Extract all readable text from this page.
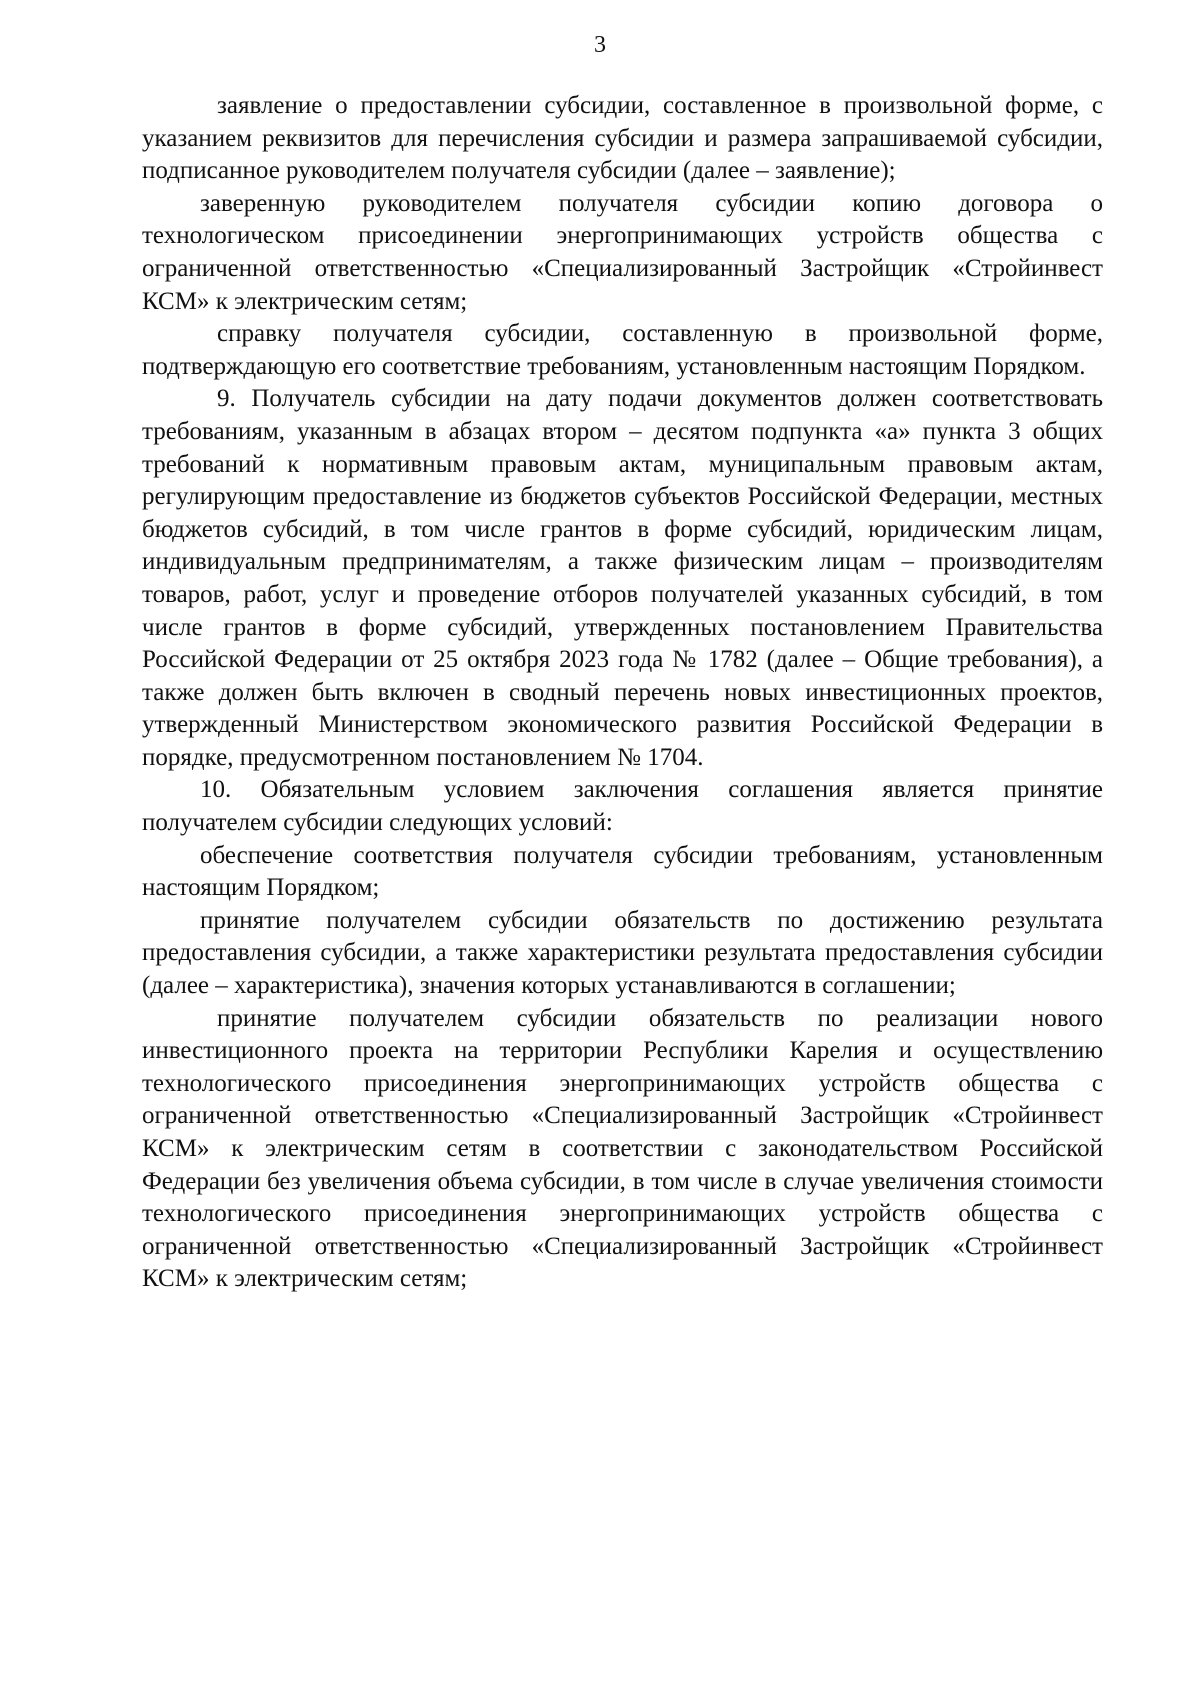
3

заявление о предоставлении субсидии, составленное в произвольной форме, с указанием реквизитов для перечисления субсидии и размера запрашиваемой субсидии, подписанное руководителем получателя субсидии (далее – заявление);

заверенную руководителем получателя субсидии копию договора о технологическом присоединении энергопринимающих устройств общества с ограниченной ответственностью «Специализированный Застройщик «Стройинвест КСМ» к электрическим сетям;

справку получателя субсидии, составленную в произвольной форме, подтверждающую его соответствие требованиям, установленным настоящим Порядком.

9. Получатель субсидии на дату подачи документов должен соответствовать требованиям, указанным в абзацах втором – десятом подпункта «а» пункта 3 общих требований к нормативным правовым актам, муниципальным правовым актам, регулирующим предоставление из бюджетов субъектов Российской Федерации, местных бюджетов субсидий, в том числе грантов в форме субсидий, юридическим лицам, индивидуальным предпринимателям, а также физическим лицам – производителям товаров, работ, услуг и проведение отборов получателей указанных субсидий, в том числе грантов в форме субсидий, утвержденных постановлением Правительства Российской Федерации от 25 октября 2023 года № 1782 (далее – Общие требования), а также должен быть включен в сводный перечень новых инвестиционных проектов, утвержденный Министерством экономического развития Российской Федерации в порядке, предусмотренном постановлением № 1704.

10. Обязательным условием заключения соглашения является принятие получателем субсидии следующих условий:

обеспечение соответствия получателя субсидии требованиям, установленным настоящим Порядком;

принятие получателем субсидии обязательств по достижению результата предоставления субсидии, а также характеристики результата предоставления субсидии (далее – характеристика), значения которых устанавливаются в соглашении;

принятие получателем субсидии обязательств по реализации нового инвестиционного проекта на территории Республики Карелия и осуществлению технологического присоединения энергопринимающих устройств общества с ограниченной ответственностью «Специализированный Застройщик «Стройинвест КСМ» к электрическим сетям в соответствии с законодательством Российской Федерации без увеличения объема субсидии, в том числе в случае увеличения стоимости технологического присоединения энергопринимающих устройств общества с ограниченной ответственностью «Специализированный Застройщик «Стройинвест КСМ» к электрическим сетям;
